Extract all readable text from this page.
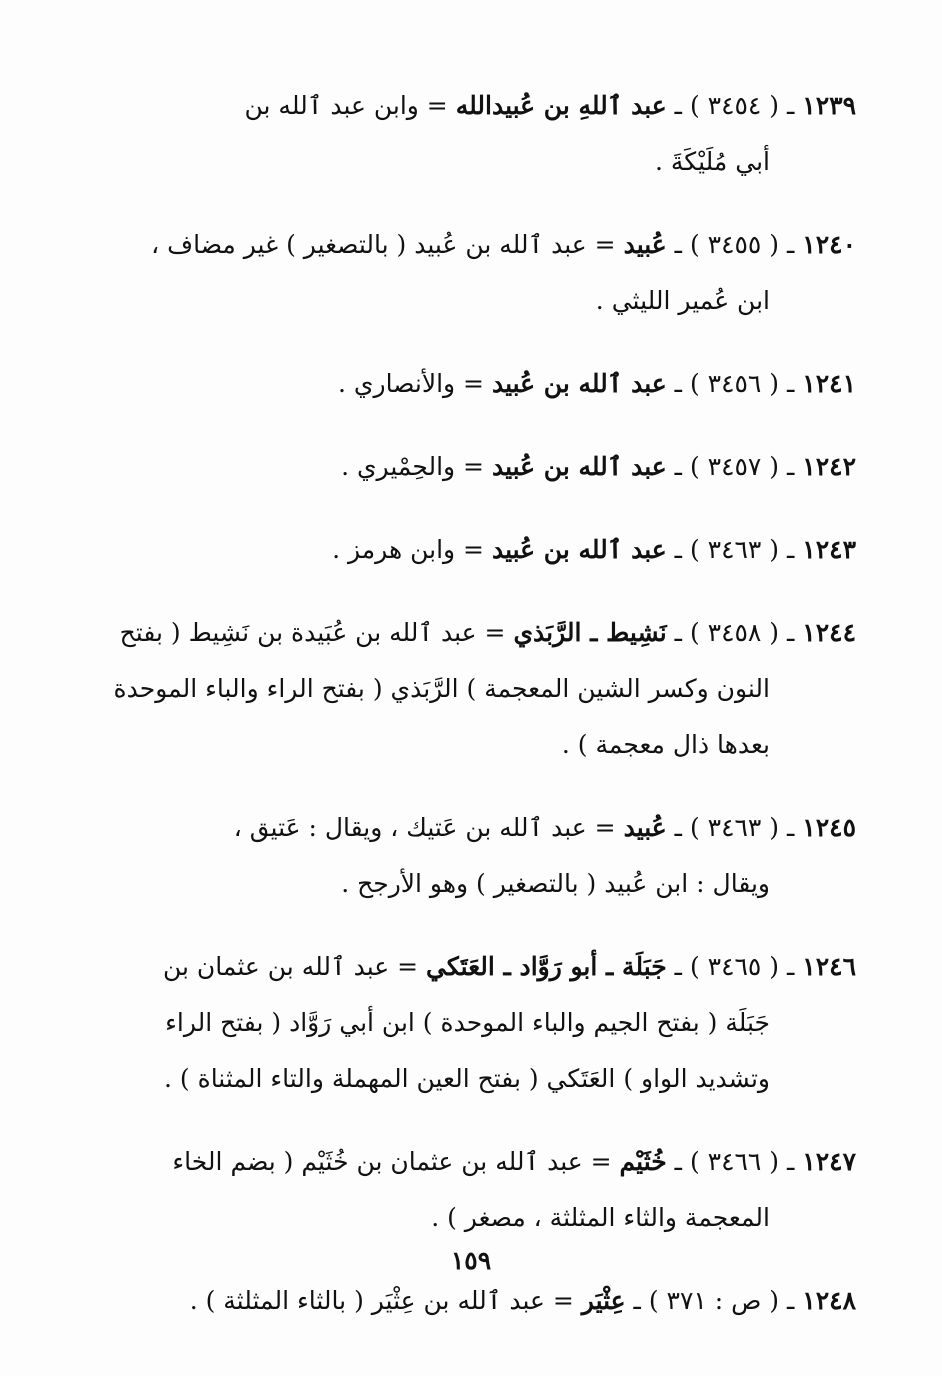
١٢٣٩ ـ ( ٣٤٥٤ ) ـ عبد ٱللهِ بن عُبيدالله = وابن عبد ٱلله بن
أبي مُلَيْكَةَ .
١٢٤٠ ـ ( ٣٤٥٥ ) ـ عُبيد = عبد ٱلله بن عُبيد ( بالتصغير ) غير مضاف ،
ابن عُمير الليثي .
١٢٤١ ـ ( ٣٤٥٦ ) ـ عبد ٱلله بن عُبيد = والأنصاري .
١٢٤٢ ـ ( ٣٤٥٧ ) ـ عبد ٱلله بن عُبيد = والحِمْيري .
١٢٤٣ ـ ( ٣٤٦٣ ) ـ عبد ٱلله بن عُبيد = وابن هرمز .
١٢٤٤ ـ ( ٣٤٥٨ ) ـ نَشِيط ـ الرَّبَذي = عبد ٱلله بن عُبَيدة بن نَشِيط ( بفتح
النون وكسر الشين المعجمة ) الرَّبَذي ( بفتح الراء والباء الموحدة
بعدها ذال معجمة ) .
١٢٤٥ ـ ( ٣٤٦٣ ) ـ عُبيد = عبد ٱلله بن عَتيك ، ويقال : عَتيق ،
ويقال : ابن عُبيد ( بالتصغير ) وهو الأرجح .
١٢٤٦ ـ ( ٣٤٦٥ ) ـ جَبَلَة ـ أبو رَوَّاد ـ العَتَكي = عبد ٱلله بن عثمان بن
جَبَلَة ( بفتح الجيم والباء الموحدة ) ابن أبي رَوَّاد ( بفتح الراء
وتشديد الواو ) العَتَكي ( بفتح العين المهملة والتاء المثناة ) .
١٢٤٧ ـ ( ٣٤٦٦ ) ـ خُثَيْم = عبد ٱلله بن عثمان بن خُثَيْم ( بضم الخاء
المعجمة والثاء المثلثة ، مصغر ) .
١٢٤٨ ـ ( ص : ٣٧١ ) ـ عِثْيَر = عبد ٱلله بن عِثْيَر ( بالثاء المثلثة ) .
١٥٩
